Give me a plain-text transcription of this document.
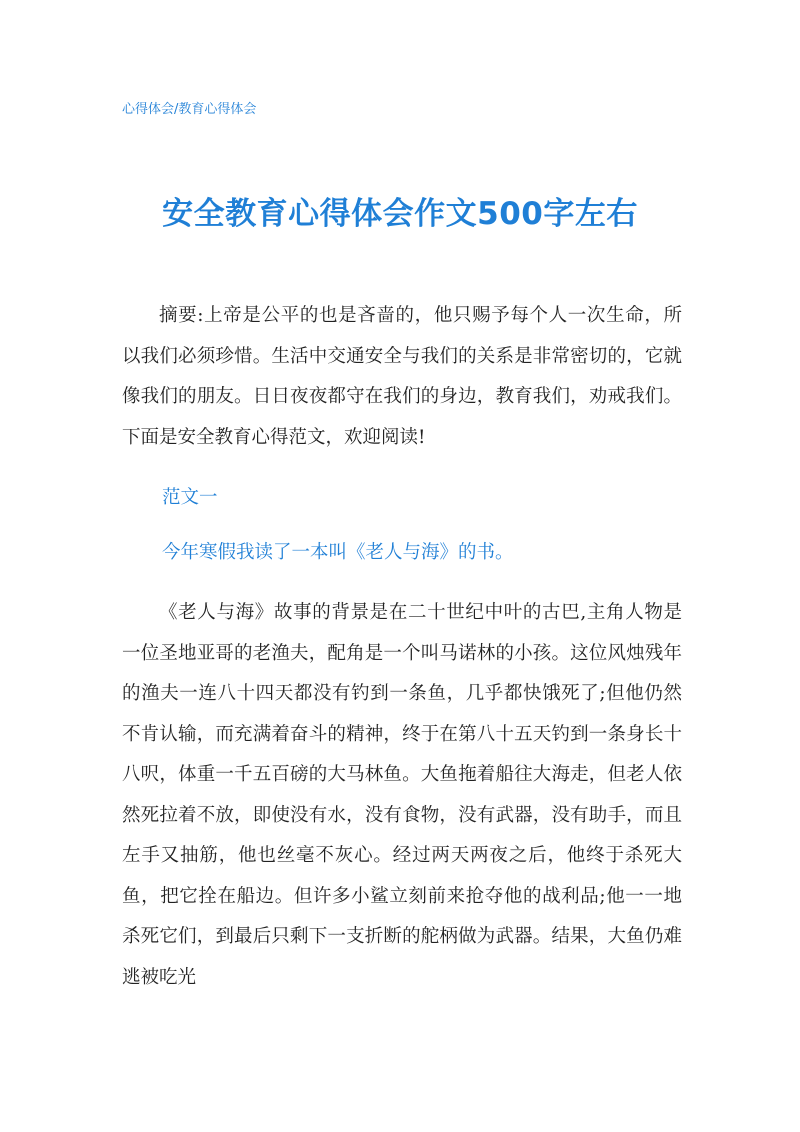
心得体会/教育心得体会
安全教育心得体会作文500字左右

摘要:上帝是公平的也是吝啬的，他只赐予每个人一次生命，所以我们必须珍惜。生活中交通安全与我们的关系是非常密切的，它就像我们的朋友。日日夜夜都守在我们的身边，教育我们，劝戒我们。下面是安全教育心得范文，欢迎阅读!

范文一
今年寒假我读了一本叫《老人与海》的书。

《老人与海》故事的背景是在二十世纪中叶的古巴,主角人物是一位圣地亚哥的老渔夫，配角是一个叫马诺林的小孩。这位风烛残年的渔夫一连八十四天都没有钓到一条鱼，几乎都快饿死了;但他仍然不肯认输，而充满着奋斗的精神，终于在第八十五天钓到一条身长十八呎，体重一千五百磅的大马林鱼。大鱼拖着船往大海走，但老人依然死拉着不放，即使没有水，没有食物，没有武器，没有助手，而且左手又抽筋，他也丝毫不灰心。经过两天两夜之后，他终于杀死大鱼，把它拴在船边。但许多小鲨立刻前来抢夺他的战利品;他一一地杀死它们，到最后只剩下一支折断的舵柄做为武器。结果，大鱼仍难逃被吃光
